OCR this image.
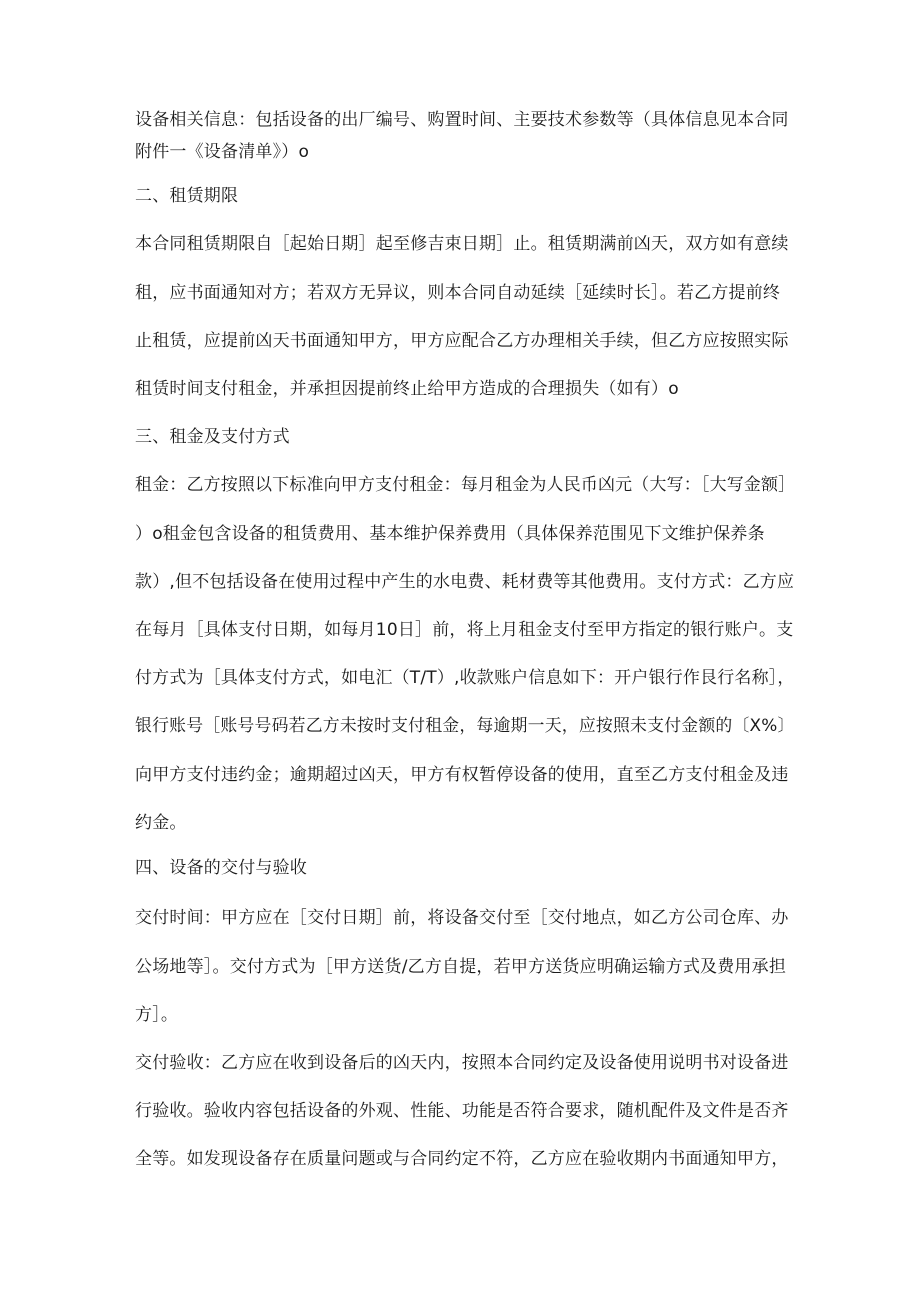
设备相关信息：包括设备的出厂编号、购置时间、主要技术参数等（具体信息见本合同
附件一《设备清单》）o
二、租赁期限
本合同租赁期限自［起始日期］起至修吉束日期］止。租赁期满前凶天，双方如有意续
租，应书面通知对方；若双方无异议，则本合同自动延续［延续时长］。若乙方提前终
止租赁，应提前凶天书面通知甲方，甲方应配合乙方办理相关手续，但乙方应按照实际
租赁时间支付租金，并承担因提前终止给甲方造成的合理损失（如有）o
三、租金及支付方式
租金：乙方按照以下标准向甲方支付租金：每月租金为人民币凶元（大写：［大写金额］
）o租金包含设备的租赁费用、基本维护保养费用（具体保养范围见下文维护保养条
款）,但不包括设备在使用过程中产生的水电费、耗材费等其他费用。支付方式：乙方应
在每月［具体支付日期，如每月10日］前，将上月租金支付至甲方指定的银行账户。支
付方式为［具体支付方式，如电汇（T/T）,收款账户信息如下：开户银行作艮行名称］，
银行账号［账号号码若乙方未按时支付租金，每逾期一天，应按照未支付金额的〔X%〕
向甲方支付违约金；逾期超过凶天，甲方有权暂停设备的使用，直至乙方支付租金及违
约金。
四、设备的交付与验收
交付时间：甲方应在［交付日期］前，将设备交付至［交付地点，如乙方公司仓库、办
公场地等］。交付方式为［甲方送货/乙方自提，若甲方送货应明确运输方式及费用承担
方］。
交付验收：乙方应在收到设备后的凶天内，按照本合同约定及设备使用说明书对设备进
行验收。验收内容包括设备的外观、性能、功能是否符合要求，随机配件及文件是否齐
全等。如发现设备存在质量问题或与合同约定不符，乙方应在验收期内书面通知甲方，
